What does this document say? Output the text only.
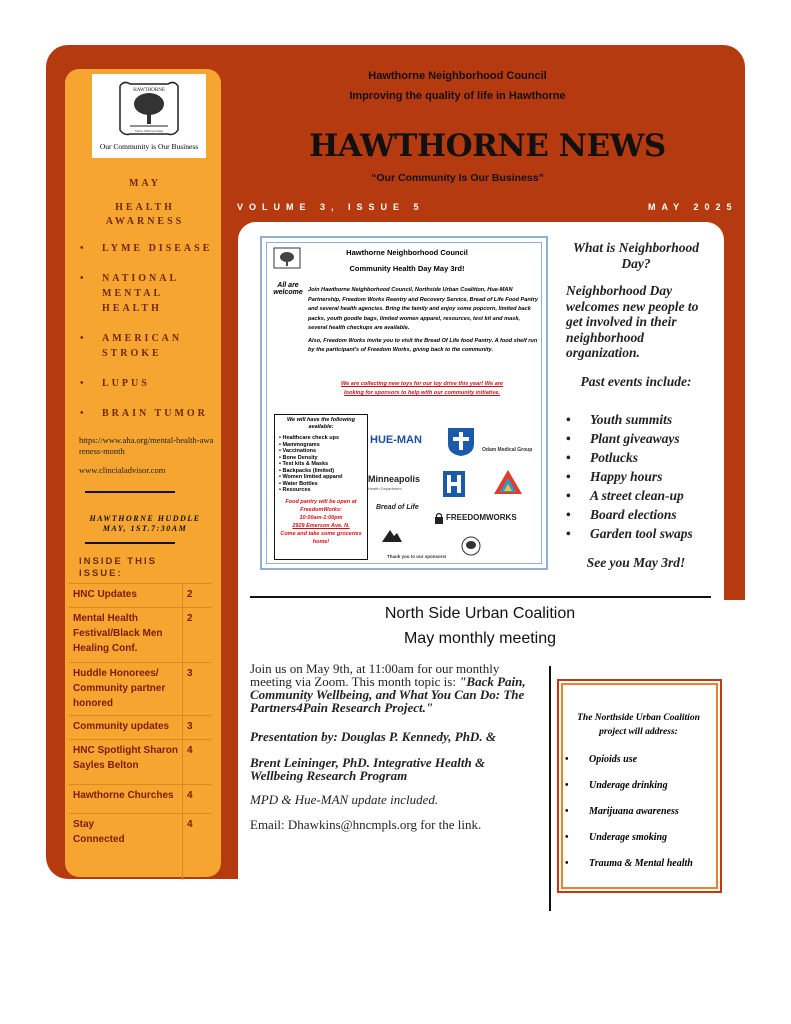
HAWTHORNE
We're Still Growing
Our Community is Our Business
MAY
HEALTH
AWARNESS
• LYME DISEASE
• NATIONAL MENTAL HEALTH
• AMERICAN STROKE
• LUPUS
• BRAIN TUMOR
https://www.aha.org/mental-health-awareness-month
www.clincialadvisor.com
HAWTHORNE HUDDLE
MAY, 1ST.7:30AM
INSIDE THIS ISSUE:
HNC Updates	2
Mental Health Festival/Black Men Healing Conf.	2
Huddle Honorees/ Community partner honored	3
Community updates	3
HNC Spotlight Sharon Sayles Belton	4
Hawthorne Churches	4
Stay Connected	4
Hawthorne Neighborhood Council
Improving the quality of life in Hawthorne
HAWTHORNE NEWS
“Our Community Is Our Business”
VOLUME 3, ISSUE 5	MAY 2025
Hawthorne Neighborhood Council
Community Health Day May 3rd!
All are welcome Join Hawthorne Neighborhood Council, Northside Urban Coalition, Hue-MAN Partnership, Freedom Works Reentry and Recovery Service, Bread of Life Food Pantry and several health agencies. Bring the family and enjoy some popcorn, limited back packs, youth goodie bags, limited women apparel, resources, test kit and mask, several health checkups are available.
Also, Freedom Works invite you to visit the Bread Of Life food Pantry. A food shelf run by the participant's of Freedom Works, giving back to the community.
We are collecting new toys for our toy drive this year! We are looking for sponsors to help with our community initiative.
We will have the following available:
• Healthcare check ups
• Mammograms
• Vaccinations
• Bone Density
• Test kits & Masks
• Backpacks (limited)
• Women limited apparel
• Water Bottles
• Resources
Food pantry will be open at FreedomWorks:
10:00am-1:00pm
2929 Emerson Ave. N.
Come and take some groceries home!
HUE-MAN
Odam Medical Group
Minneapolis
Health Department
Bread of Life
FREEDOMWORKS
Thank you to our sponsors!
What is Neighborhood Day?
Neighborhood Day welcomes new people to get involved in their neighborhood organization.
Past events include:
• Youth summits
• Plant giveaways
• Potlucks
• Happy hours
• A street clean-up
• Board elections
• Garden tool swaps
See you May 3rd!
North Side Urban Coalition
May monthly meeting
Join us on May 9th, at 11:00am for our monthly meeting via Zoom. This month topic is: "Back Pain, Community Wellbeing, and What You Can Do: The Partners4Pain Research Project."
Presentation by: Douglas P. Kennedy, PhD. &
Brent Leininger, PhD. Integrative Health & Wellbeing Research Program
MPD & Hue-MAN update included.
Email: Dhawkins@hncmpls.org for the link.
The Northside Urban Coalition project will address:
• Opioids use
• Underage drinking
• Marijuana awareness
• Underage smoking
• Trauma & Mental health
